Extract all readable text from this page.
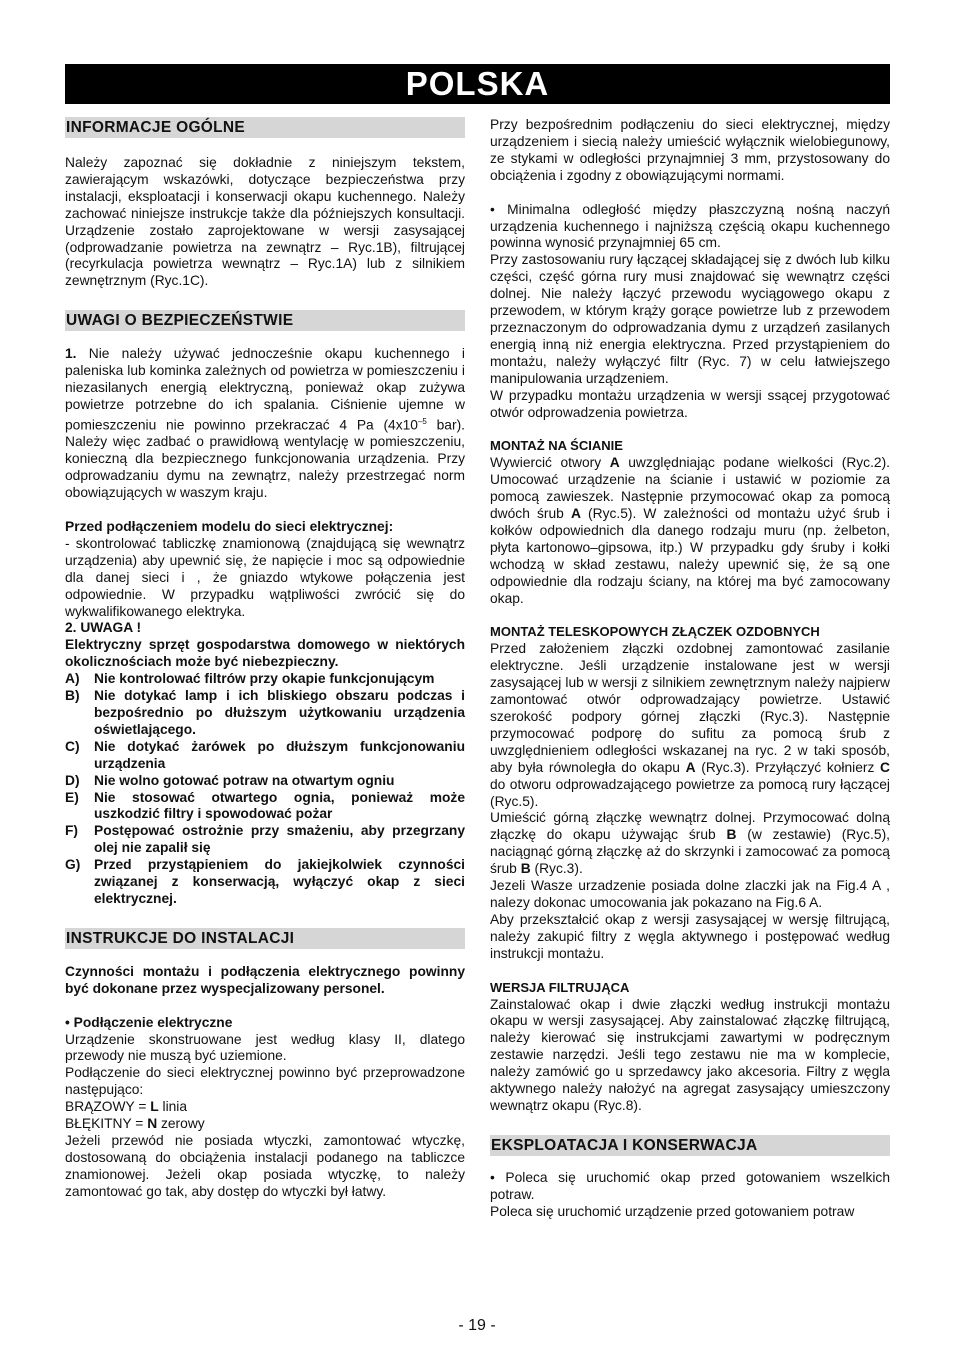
POLSKA
PL
INFORMACJE OGÓLNE

Należy zapoznać się dokładnie z niniejszym tekstem, zawierającym wskazówki, dotyczące bezpieczeństwa przy instalacji, eksploatacji i konserwacji okapu kuchennego. Należy zachować niniejsze instrukcje także dla późniejszych konsultacji. Urządzenie zostało zaprojektowane w wersji zasysającej (odprowadzanie powietrza na zewnątrz – Ryc.1B), filtrującej (recyrkulacja powietrza wewnątrz – Ryc.1A) lub z silnikiem zewnętrznym (Ryc.1C).

UWAGI O BEZPIECZEŃSTWIE

1. Nie należy używać jednocześnie okapu kuchennego i paleniska lub kominka zależnych od powietrza w pomieszczeniu i niezasilanych energią elektryczną, ponieważ okap zużywa powietrze potrzebne do ich spalania. Ciśnienie ujemne w pomieszczeniu nie powinno przekraczać 4 Pa ($4x10^{-5}$ bar). Należy więc zadbać o prawidłową wentylację w pomieszczeniu, konieczną dla bezpiecznego funkcjonowania urządzenia. Przy odprowadzaniu dymu na zewnątrz, należy przestrzegać norm obowiązujących w waszym kraju.

Przed podłączeniem modelu do sieci elektrycznej:

- skontrolować tabliczkę znamionową (znajdującą się wewnątrz urządzenia) aby upewnić się, że napięcie i moc są odpowiednie dla danej sieci i , że gniazdo wtykowe połączenia jest odpowiednie. W przypadku wątpliwości zwrócić się do wykwalifikowanego elektryka.

2. UWAGA !

Elektryczny sprzęt gospodarstwa domowego w niektórych okolicznościach może być niebezpieczny.

A)	Nie kontrolować filtrów przy okapie funkcjonującym
B)	Nie dotykać lamp i ich bliskiego obszaru podczas i bezpośrednio po dłuższym użytkowaniu urządzenia oświetlającego.
C)	Nie dotykać żarówek po dłuższym funkcjonowaniu urządzenia
D)	Nie wolno gotować potraw na otwartym ogniu
E)	Nie stosować otwartego ognia, ponieważ może uszkodzić filtry i spowodować pożar
F)	Postępować ostrożnie przy smażeniu, aby przegrzany olej nie zapalił się
G) Przed przystąpieniem do jakiejkolwiek czynności związanej z konserwacją, wyłączyć okap z sieci elektrycznej.
INSTRUKCJE DO INSTALACJI

Czynności montażu i podłączenia elektrycznego powinny być dokonane przez wyspecjalizowany personel.

• Podłączenie elektryczne

Urządzenie skonstruowane jest według klasy II, dlatego przewody nie muszą być uziemione.

Podłączenie do sieci elektrycznej powinno być przeprowadzone następująco:

BRĄZOWY = L linia

BŁĘKITNY = N zerowy

Jeżeli przewód nie posiada wtyczki, zamontować wtyczkę, dostosowaną do obciążenia instalacji podanego na tabliczce znamionowej. Jeżeli okap posiada wtyczkę, to należy zamontować go tak, aby dostęp do wtyczki był łatwy.

Przy bezpośrednim podłączeniu do sieci elektrycznej, między urządzeniem i siecią należy umieścić wyłącznik wielobiegunowy, ze stykami w odległości przynajmniej 3 mm, przystosowany do obciążenia i zgodny z obowiązującymi normami.

• Minimalna odległość między płaszczyzną nośną naczyń urządzenia kuchennego i najniższą częścią okapu kuchennego powinna wynosić przynajmniej 65 cm.

Przy zastosowaniu rury łączącej składającej się z dwóch lub kilku części, część górna rury musi znajdować się wewnątrz części dolnej. Nie należy łączyć przewodu wyciągowego okapu z przewodem, w którym krąży gorące powietrze lub z przewodem przeznaczonym do odprowadzania dymu z urządzeń zasilanych energią inną niż energia elektryczna. Przed przystąpieniem do montażu, należy wyłączyć filtr (Ryc. 7) w celu łatwiejszego manipulowania urządzeniem.

W przypadku montażu urządzenia w wersji ssącej przygotować otwór odprowadzenia powietrza.

MONTAŻ NA ŚCIANIE

Wywiercić otwory A uwzględniając podane wielkości (Ryc.2). Umocować urządzenie na ścianie i ustawić w poziomie za pomocą zawieszek. Następnie przymocować okap za pomocą dwóch śrub A (Ryc.5). W zależności od montażu użyć śrub i kołków odpowiednich dla danego rodzaju muru (np. żelbeton, płyta kartonowo–gipsowa, itp.) W przypadku gdy śruby i kołki wchodzą w skład zestawu, należy upewnić się, że są one odpowiednie dla rodzaju ściany, na której ma być zamocowany okap.

MONTAŻ TELESKOPOWYCH ZŁĄCZEK OZDOBNYCH

Przed założeniem złączki ozdobnej zamontować zasilanie elektryczne. Jeśli urządzenie instalowane jest w wersji zasysającej lub w wersji z silnikiem zewnętrznym należy najpierw zamontować otwór odprowadzający powietrze. Ustawić szerokość podpory górnej złączki (Ryc.3). Następnie przymocować podporę do sufitu za pomocą śrub z uwzględnieniem odległości wskazanej na ryc. 2 w taki sposób, aby była równoległa do okapu A (Ryc.3). Przyłączyć kołnierz C do otworu odprowadzającego powietrze za pomocą rury łączącej (Ryc.5).

Umieścić górną złączkę wewnątrz dolnej. Przymocować dolną złączkę do okapu używając śrub B (w zestawie) (Ryc.5), naciągnąć górną złączkę aż do skrzynki i zamocować za pomocą śrub B (Ryc.3).

Jezeli Wasze urzadzenie posiada dolne zlaczki jak na Fig.4 A , nalezy dokonac umocowania jak pokazano na Fig.6 A.

Aby przekształcić okap z wersji zasysającej w wersję filtrującą, należy zakupić filtry z węgla aktywnego i postępować według instrukcji montażu.

WERSJA FILTRUJĄCA

Zainstalować okap i dwie złączki według instrukcji montażu okapu w wersji zasysającej. Aby zainstalować złączkę filtrującą, należy kierować się instrukcjami zawartymi w podręcznym zestawie narzędzi. Jeśli tego zestawu nie ma w komplecie, należy zamówić go u sprzedawcy jako akcesoria. Filtry z węgla aktywnego należy nałożyć na agregat zasysający umieszczony wewnątrz okapu (Ryc.8).

EKSPLOATACJA I KONSERWACJA

• Poleca się uruchomić okap przed gotowaniem wszelkich potraw.

Poleca się uruchomić urządzenie przed gotowaniem potraw

- 19 -
